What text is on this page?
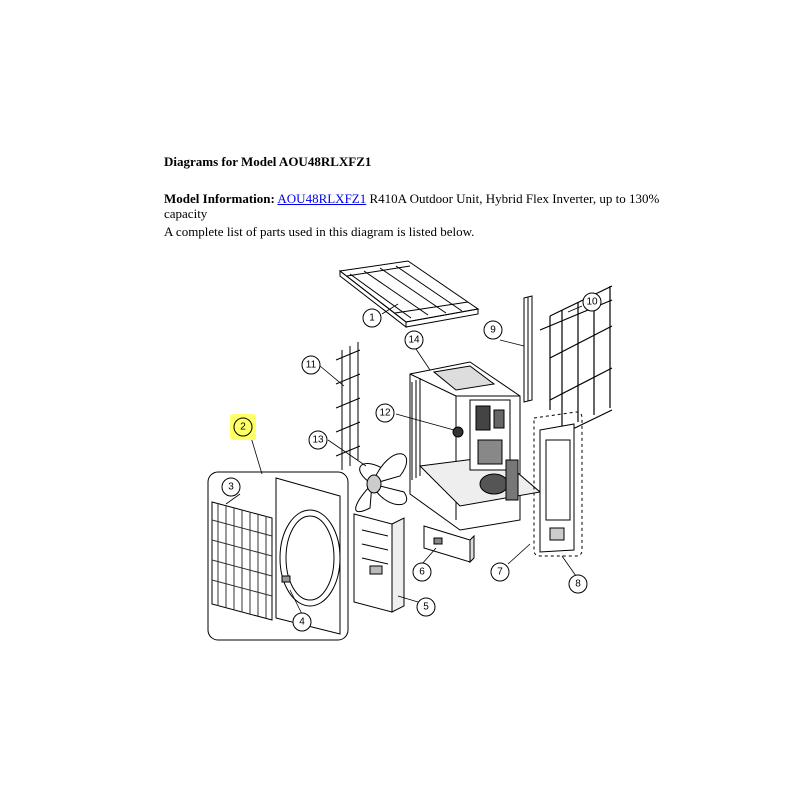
Diagrams for Model AOU48RLXFZ1
Model Information: AOU48RLXFZ1 R410A Outdoor Unit, Hybrid Flex Inverter, up to 130% capacity
A complete list of parts used in this diagram is listed below.
1
2
3
4
5
6	7
8
9
10
11
12
13
14
